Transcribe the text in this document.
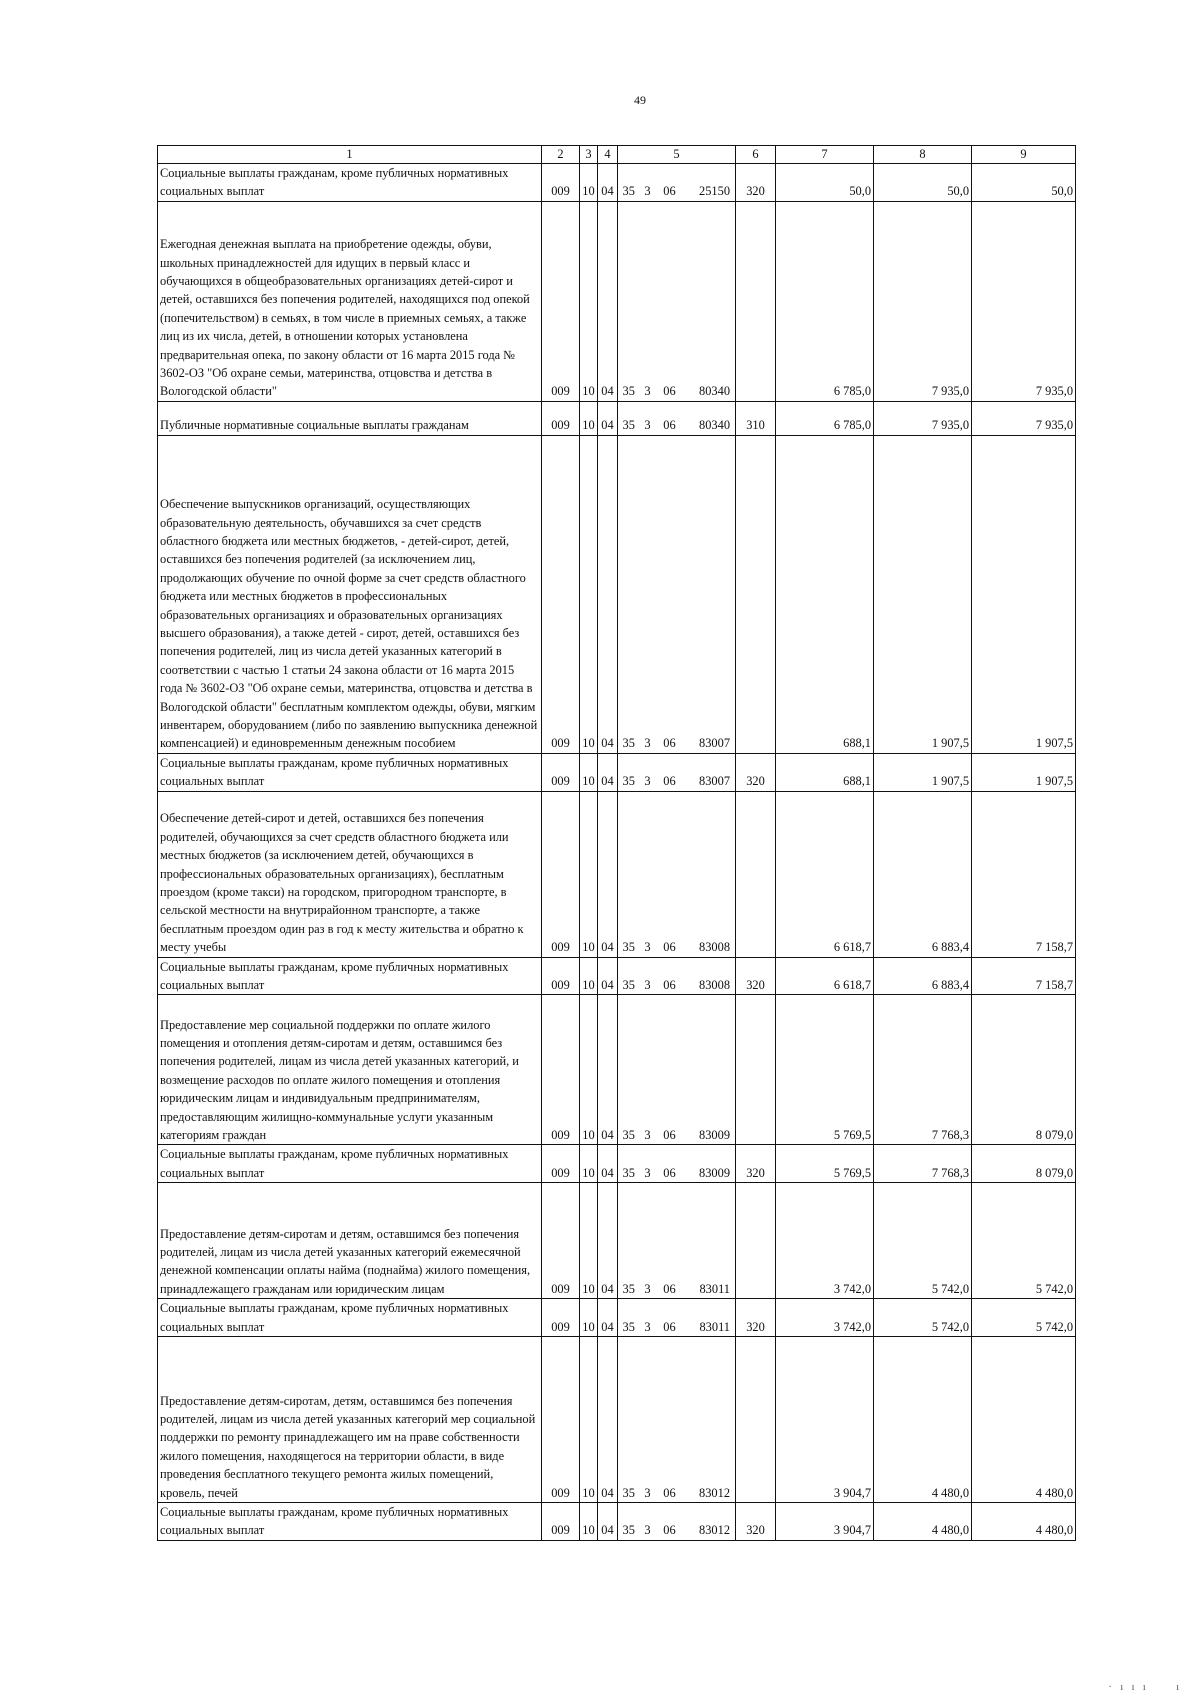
49
1	2	3	4	5				6	7	8	9
Социальные выплаты гражданам, кроме публичных нормативных социальных выплат	009	10	04	35	3	06	25150	320	50,0	50,0	50,0
Ежегодная денежная выплата на приобретение одежды, обуви, школьных принадлежностей для идущих в первый класс и обучающихся в общеобразовательных организациях детей-сирот и детей, оставшихся без попечения родителей, находящихся под опекой (попечительством) в семьях, в том числе в приемных семьях, а также лиц из их числа, детей, в отношении которых установлена предварительная опека, по закону области от 16 марта 2015 года № 3602-ОЗ "Об охране семьи, материнства, отцовства и детства в Вологодской области"	009	10	04	35	3	06	80340		6 785,0	7 935,0	7 935,0
Публичные нормативные социальные выплаты гражданам	009	10	04	35	3	06	80340	310	6 785,0	7 935,0	7 935,0
Обеспечение выпускников организаций, осуществляющих образовательную деятельность, обучавшихся за счет средств областного бюджета или местных бюджетов, - детей-сирот, детей, оставшихся без попечения родителей (за исключением лиц, продолжающих обучение по очной форме за счет средств областного бюджета или местных бюджетов в профессиональных образовательных организациях и образовательных организациях высшего образования), а также детей - сирот, детей, оставшихся без попечения родителей, лиц из числа детей указанных категорий в соответствии с частью 1 статьи 24 закона области от 16 марта 2015 года № 3602-ОЗ "Об охране семьи, материнства, отцовства и детства в Вологодской области" бесплатным комплектом одежды, обуви, мягким инвентарем, оборудованием (либо по заявлению выпускника денежной компенсацией) и единовременным денежным пособием	009	10	04	35	3	06	83007		688,1	1 907,5	1 907,5
Социальные выплаты гражданам, кроме публичных нормативных социальных выплат	009	10	04	35	3	06	83007	320	688,1	1 907,5	1 907,5
Обеспечение детей-сирот и детей, оставшихся без попечения родителей, обучающихся за счет средств областного бюджета или местных бюджетов (за исключением детей, обучающихся в профессиональных образовательных организациях), бесплатным проездом (кроме такси) на городском, пригородном транспорте, в сельской местности на внутрирайонном транспорте, а также бесплатным проездом один раз в год к месту жительства и обратно к месту учебы	009	10	04	35	3	06	83008		6 618,7	6 883,4	7 158,7
Социальные выплаты гражданам, кроме публичных нормативных социальных выплат	009	10	04	35	3	06	83008	320	6 618,7	6 883,4	7 158,7
Предоставление мер социальной поддержки по оплате жилого помещения и отопления детям-сиротам и детям, оставшимся без попечения родителей, лицам из числа детей указанных категорий, и возмещение расходов по оплате жилого помещения и отопления юридическим лицам и индивидуальным предпринимателям, предоставляющим жилищно-коммунальные услуги указанным категориям граждан	009	10	04	35	3	06	83009		5 769,5	7 768,3	8 079,0
Социальные выплаты гражданам, кроме публичных нормативных социальных выплат	009	10	04	35	3	06	83009	320	5 769,5	7 768,3	8 079,0
Предоставление детям-сиротам и детям, оставшимся без попечения родителей, лицам из числа детей указанных категорий ежемесячной денежной компенсации оплаты найма (поднайма) жилого помещения, принадлежащего гражданам или юридическим лицам	009	10	04	35	3	06	83011		3 742,0	5 742,0	5 742,0
Социальные выплаты гражданам, кроме публичных нормативных социальных выплат	009	10	04	35	3	06	83011	320	3 742,0	5 742,0	5 742,0
Предоставление детям-сиротам, детям, оставшимся без попечения родителей, лицам из числа детей указанных категорий мер социальной поддержки по ремонту принадлежащего им на праве собственности жилого помещения, находящегося на территории области, в виде проведения бесплатного текущего ремонта жилых помещений, кровель, печей	009	10	04	35	3	06	83012		3 904,7	4 480,0	4 480,0
Социальные выплаты гражданам, кроме публичных нормативных социальных выплат	009	10	04	35	3	06	83012	320	3 904,7	4 480,0	4 480,0
· ı ı ı     ı
